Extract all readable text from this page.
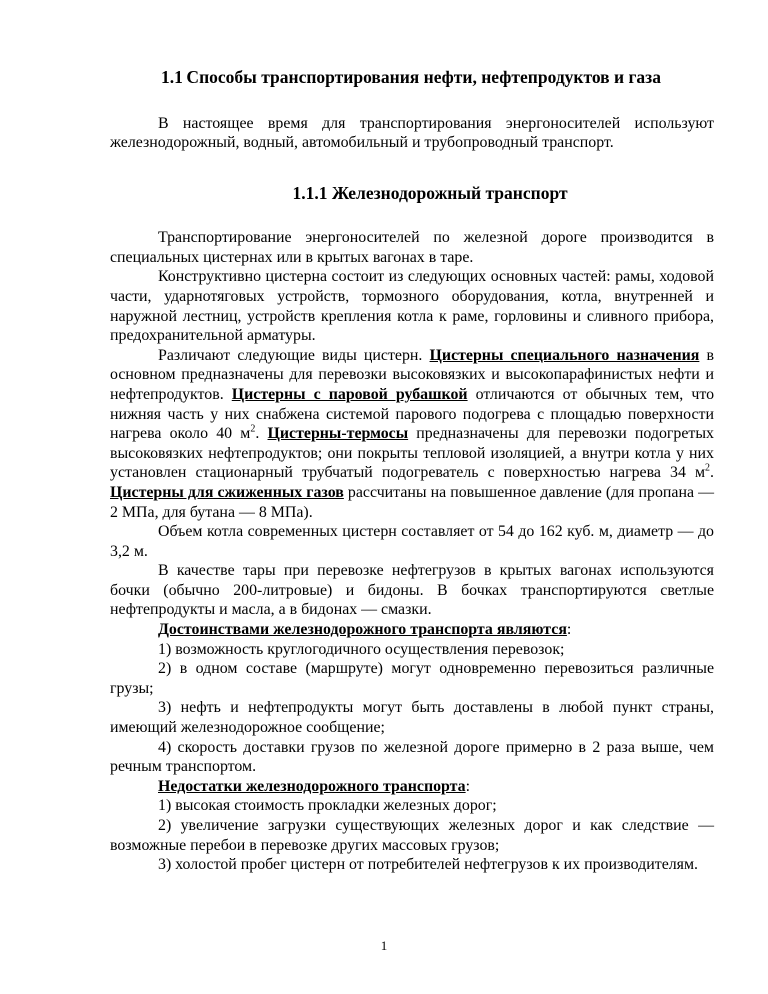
1.1 Способы транспортирования нефти, нефтепродуктов и газа

В настоящее время для транспортирования энергоносителей используют железнодорожный, водный, автомобильный и трубопроводный транспорт.

1.1.1 Железнодорожный транспорт

Транспортирование энергоносителей по железной дороге производится в специальных цистернах или в крытых вагонах в таре.

Конструктивно цистерна состоит из следующих основных частей: рамы, ходовой части, ударнотяговых устройств, тормозного оборудования, котла, внутренней и наружной лестниц, устройств крепления котла к раме, горловины и сливного прибора, предохранительной арматуры.

Различают следующие виды цистерн. Цистерны специального назначения в основном предназначены для перевозки высоковязких и высокопарафинистых нефти и нефтепродуктов. Цистерны с паровой рубашкой отличаются от обычных тем, что нижняя часть у них снабжена системой парового подогрева с площадью поверхности нагрева около 40 $м^2$. Цистерны-термосы предназначены для перевозки подогретых высоковязких нефтепродуктов; они покрыты тепловой изоляцией, а внутри котла у них установлен стационарный трубчатый подогреватель с поверхностью нагрева 34 $м^2$. Цистерны для сжиженных газов рассчитаны на повышенное давление (для пропана — 2 МПа, для бутана — 8 МПа).

Объем котла современных цистерн составляет от 54 до 162 куб. м, диаметр — до 3,2 м.

В качестве тары при перевозке нефтегрузов в крытых вагонах используются бочки (обычно 200-литровые) и бидоны. В бочках транспортируются светлые нефтепродукты и масла, а в бидонах — смазки.

Достоинствами железнодорожного транспорта являются:

1) возможность круглогодичного осуществления перевозок;

2) в одном составе (маршруте) могут одновременно перевозиться различные грузы;

3) нефть и нефтепродукты могут быть доставлены в любой пункт страны, имеющий железнодорожное сообщение;

4) скорость доставки грузов по железной дороге примерно в 2 раза выше, чем речным транспортом.

Недостатки железнодорожного транспорта:

1) высокая стоимость прокладки железных дорог;

2) увеличение загрузки существующих железных дорог и как следствие — возможные перебои в перевозке других массовых грузов;

3) холостой пробег цистерн от потребителей нефтегрузов к их производителям.

1
